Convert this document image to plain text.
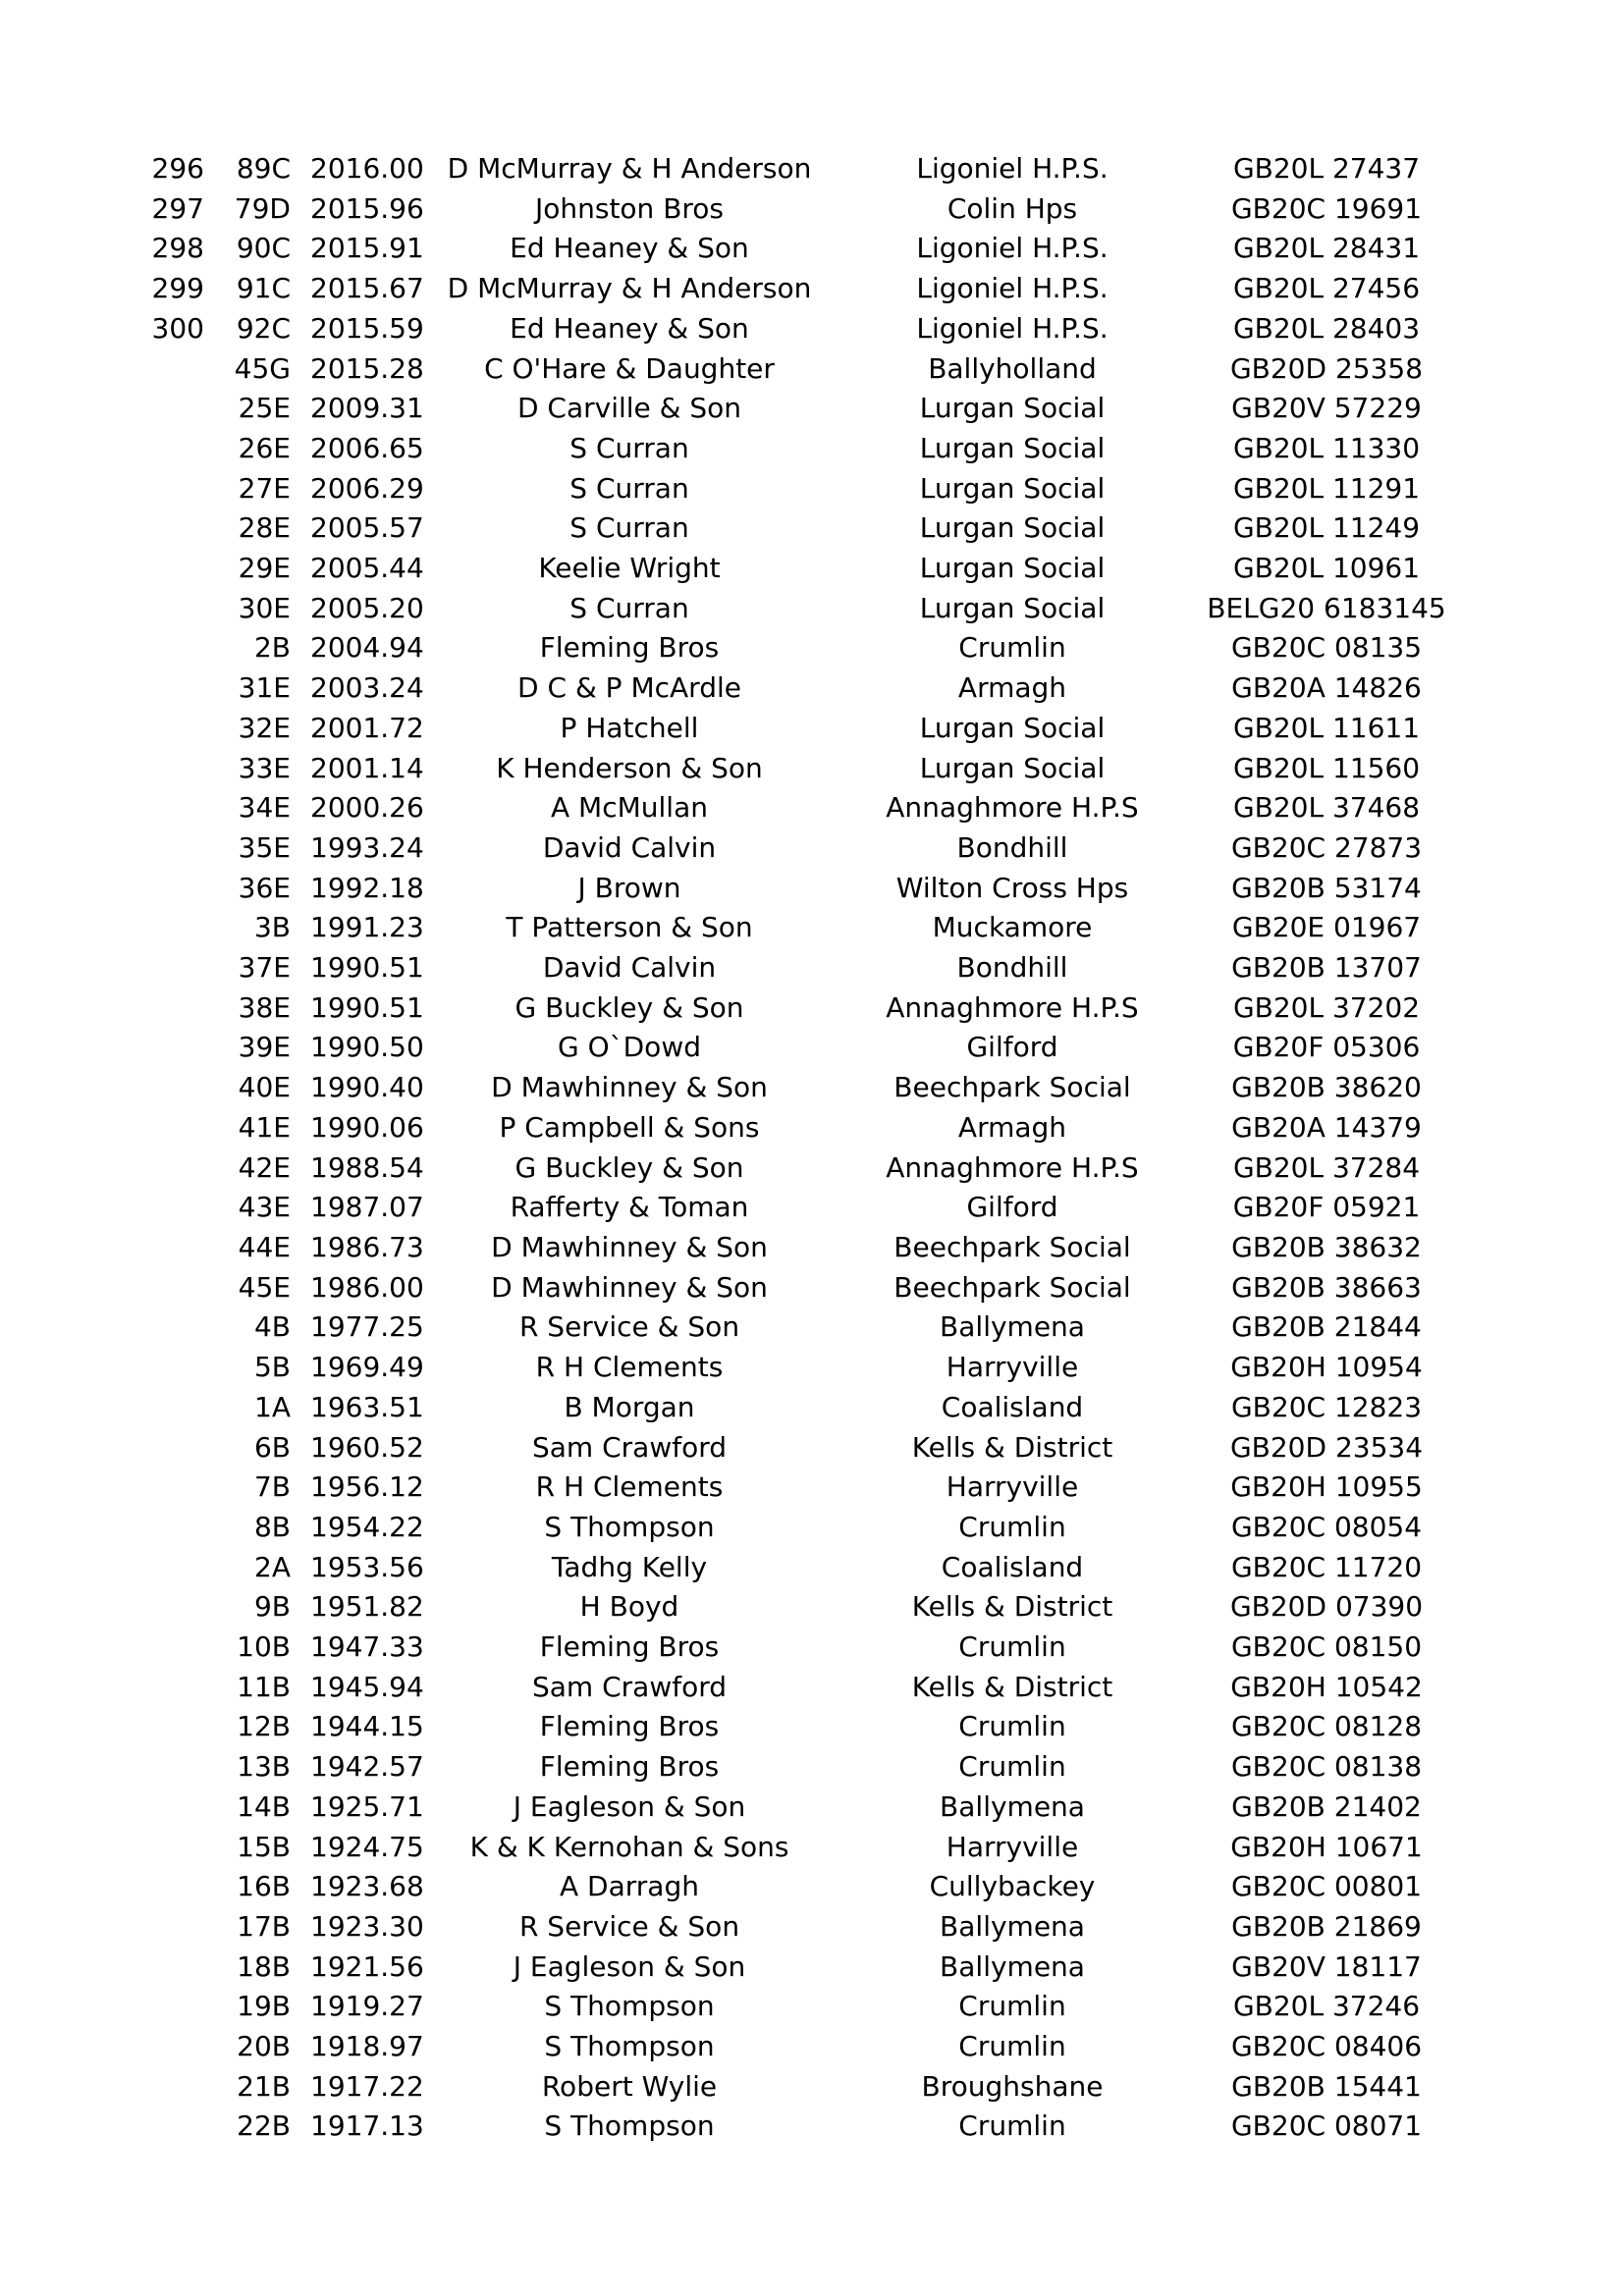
296	89C	2016.00	D McMurray & H Anderson	Ligoniel H.P.S.	GB20L 27437
297	79D	2015.96	Johnston Bros	Colin Hps	GB20C 19691
298	90C	2015.91	Ed Heaney & Son	Ligoniel H.P.S.	GB20L 28431
299	91C	2015.67	D McMurray & H Anderson	Ligoniel H.P.S.	GB20L 27456
300	92C	2015.59	Ed Heaney & Son	Ligoniel H.P.S.	GB20L 28403
	45G	2015.28	C O'Hare & Daughter	Ballyholland	GB20D 25358
	25E	2009.31	D Carville & Son	Lurgan Social	GB20V 57229
	26E	2006.65	S Curran	Lurgan Social	GB20L 11330
	27E	2006.29	S Curran	Lurgan Social	GB20L 11291
	28E	2005.57	S Curran	Lurgan Social	GB20L 11249
	29E	2005.44	Keelie Wright	Lurgan Social	GB20L 10961
	30E	2005.20	S Curran	Lurgan Social	BELG20 6183145
	2B	2004.94	Fleming Bros	Crumlin	GB20C 08135
	31E	2003.24	D C & P McArdle	Armagh	GB20A 14826
	32E	2001.72	P Hatchell	Lurgan Social	GB20L 11611
	33E	2001.14	K Henderson & Son	Lurgan Social	GB20L 11560
	34E	2000.26	A McMullan	Annaghmore H.P.S	GB20L 37468
	35E	1993.24	David Calvin	Bondhill	GB20C 27873
	36E	1992.18	J Brown	Wilton Cross Hps	GB20B 53174
	3B	1991.23	T Patterson & Son	Muckamore	GB20E 01967
	37E	1990.51	David Calvin	Bondhill	GB20B 13707
	38E	1990.51	G Buckley & Son	Annaghmore H.P.S	GB20L 37202
	39E	1990.50	G O`Dowd	Gilford	GB20F 05306
	40E	1990.40	D Mawhinney & Son	Beechpark Social	GB20B 38620
	41E	1990.06	P Campbell & Sons	Armagh	GB20A 14379
	42E	1988.54	G Buckley & Son	Annaghmore H.P.S	GB20L 37284
	43E	1987.07	Rafferty & Toman	Gilford	GB20F 05921
	44E	1986.73	D Mawhinney & Son	Beechpark Social	GB20B 38632
	45E	1986.00	D Mawhinney & Son	Beechpark Social	GB20B 38663
	4B	1977.25	R Service & Son	Ballymena	GB20B 21844
	5B	1969.49	R H Clements	Harryville	GB20H 10954
	1A	1963.51	B Morgan	Coalisland	GB20C 12823
	6B	1960.52	Sam Crawford	Kells & District	GB20D 23534
	7B	1956.12	R H Clements	Harryville	GB20H 10955
	8B	1954.22	S Thompson	Crumlin	GB20C 08054
	2A	1953.56	Tadhg Kelly	Coalisland	GB20C 11720
	9B	1951.82	H Boyd	Kells & District	GB20D 07390
	10B	1947.33	Fleming Bros	Crumlin	GB20C 08150
	11B	1945.94	Sam Crawford	Kells & District	GB20H 10542
	12B	1944.15	Fleming Bros	Crumlin	GB20C 08128
	13B	1942.57	Fleming Bros	Crumlin	GB20C 08138
	14B	1925.71	J Eagleson & Son	Ballymena	GB20B 21402
	15B	1924.75	K & K Kernohan & Sons	Harryville	GB20H 10671
	16B	1923.68	A Darragh	Cullybackey	GB20C 00801
	17B	1923.30	R Service & Son	Ballymena	GB20B 21869
	18B	1921.56	J Eagleson & Son	Ballymena	GB20V 18117
	19B	1919.27	S Thompson	Crumlin	GB20L 37246
	20B	1918.97	S Thompson	Crumlin	GB20C 08406
	21B	1917.22	Robert Wylie	Broughshane	GB20B 15441
	22B	1917.13	S Thompson	Crumlin	GB20C 08071
